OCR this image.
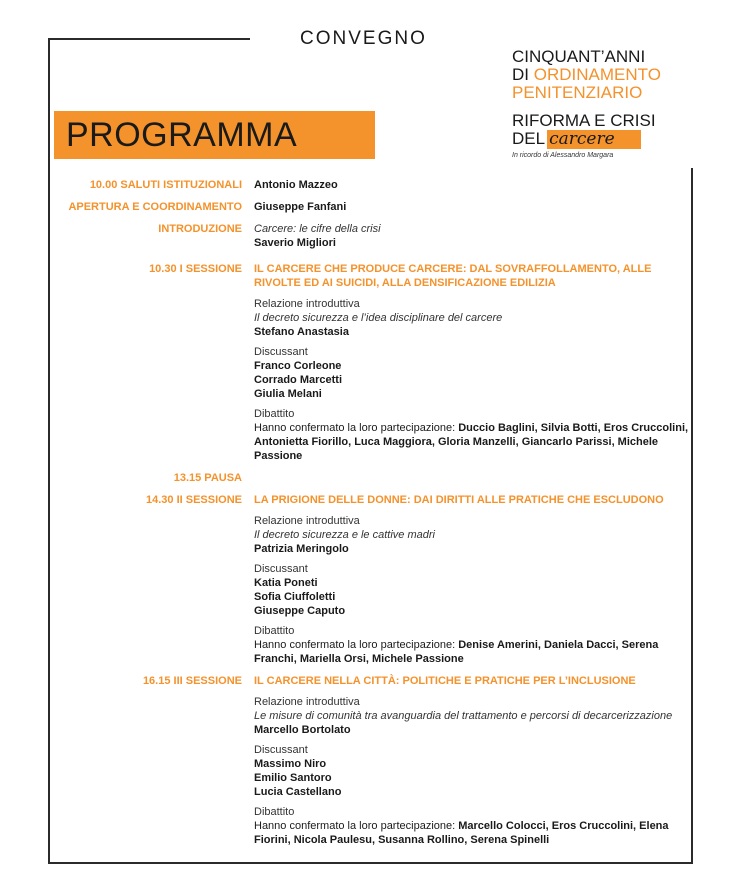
CONVEGNO
CINQUANT’ANNI
DI ORDINAMENTO
PENITENZIARIO
RIFORMA E CRISI
DEL carcere
In ricordo di Alessandro Margara
PROGRAMMA
10.00 SALUTI ISTITUZIONALI Antonio Mazzeo
APERTURA E COORDINAMENTO Giuseppe Fanfani
INTRODUZIONE Carcere: le cifre della crisi
Saverio Migliori
10.30 I SESSIONE IL CARCERE CHE PRODUCE CARCERE: DAL SOVRAFFOLLAMENTO, ALLE RIVOLTE ED AI SUICIDI, ALLA DENSIFICAZIONE EDILIZIA
Relazione introduttiva
Il decreto sicurezza e l’idea disciplinare del carcere
Stefano Anastasia
Discussant
Franco Corleone
Corrado Marcetti
Giulia Melani
Dibattito
Hanno confermato la loro partecipazione: Duccio Baglini, Silvia Botti, Eros Cruccolini, Antonietta Fiorillo, Luca Maggiora, Gloria Manzelli, Giancarlo Parissi, Michele Passione
13.15 PAUSA

14.30 II SESSIONE LA PRIGIONE DELLE DONNE: DAI DIRITTI ALLE PRATICHE CHE ESCLUDONO
Relazione introduttiva
Il decreto sicurezza e le cattive madri
Patrizia Meringolo
Discussant
Katia Poneti
Sofia Ciuffoletti
Giuseppe Caputo
Dibattito
Hanno confermato la loro partecipazione: Denise Amerini, Daniela Dacci, Serena Franchi, Mariella Orsi, Michele Passione
16.15 III SESSIONE IL CARCERE NELLA CITTÀ: POLITICHE E PRATICHE PER L’INCLUSIONE
Relazione introduttiva
Le misure di comunità tra avanguardia del trattamento e percorsi di decarcerizzazione
Marcello Bortolato
Discussant
Massimo Niro
Emilio Santoro
Lucia Castellano
Dibattito
Hanno confermato la loro partecipazione: Marcello Colocci, Eros Cruccolini, Elena Fiorini, Nicola Paulesu, Susanna Rollino, Serena Spinelli
